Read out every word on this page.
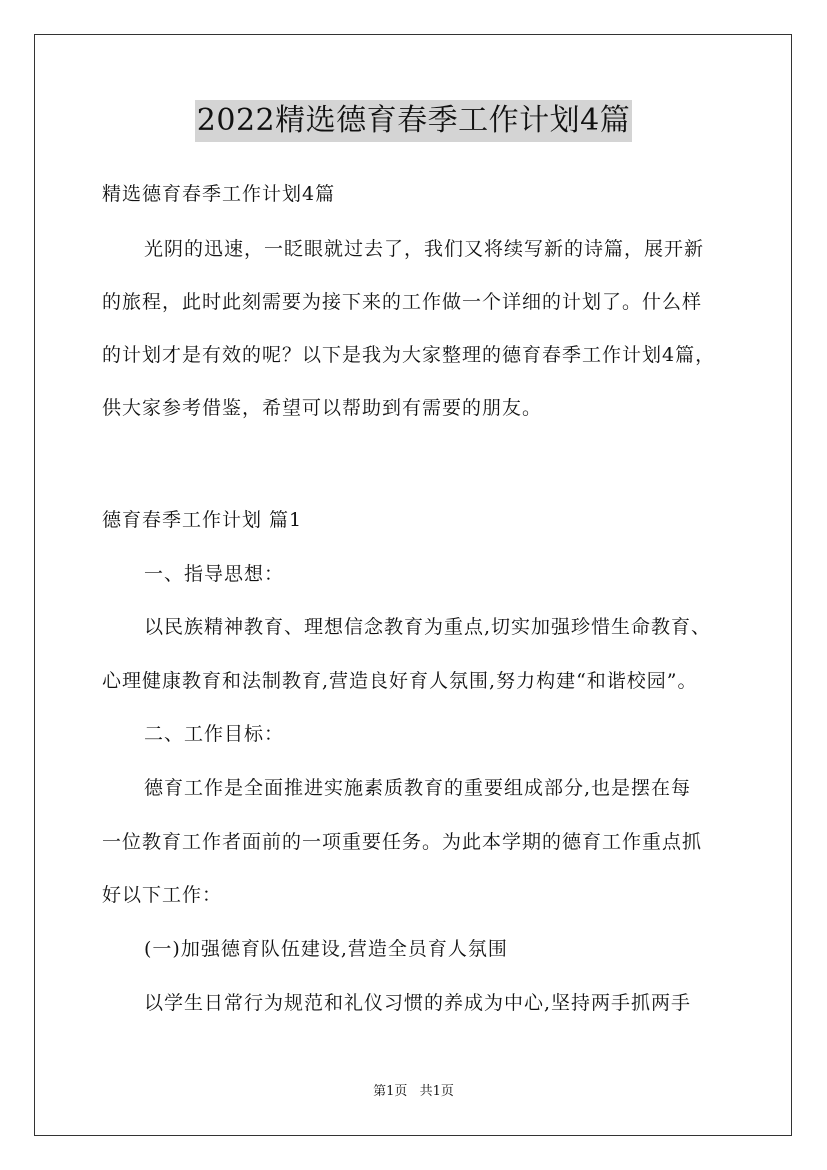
2022精选德育春季工作计划4篇
精选德育春季工作计划4篇
光阴的迅速，一眨眼就过去了，我们又将续写新的诗篇，展开新
的旅程，此时此刻需要为接下来的工作做一个详细的计划了。什么样
的计划才是有效的呢？以下是我为大家整理的德育春季工作计划4篇，
供大家参考借鉴，希望可以帮助到有需要的朋友。
德育春季工作计划 篇1
一、指导思想：
以民族精神教育、理想信念教育为重点,切实加强珍惜生命教育、
心理健康教育和法制教育,营造良好育人氛围,努力构建“和谐校园”。
二、工作目标：
德育工作是全面推进实施素质教育的重要组成部分,也是摆在每
一位教育工作者面前的一项重要任务。为此本学期的德育工作重点抓
好以下工作：
(一)加强德育队伍建设,营造全员育人氛围
以学生日常行为规范和礼仪习惯的养成为中心,坚持两手抓两手
第1页 共1页
